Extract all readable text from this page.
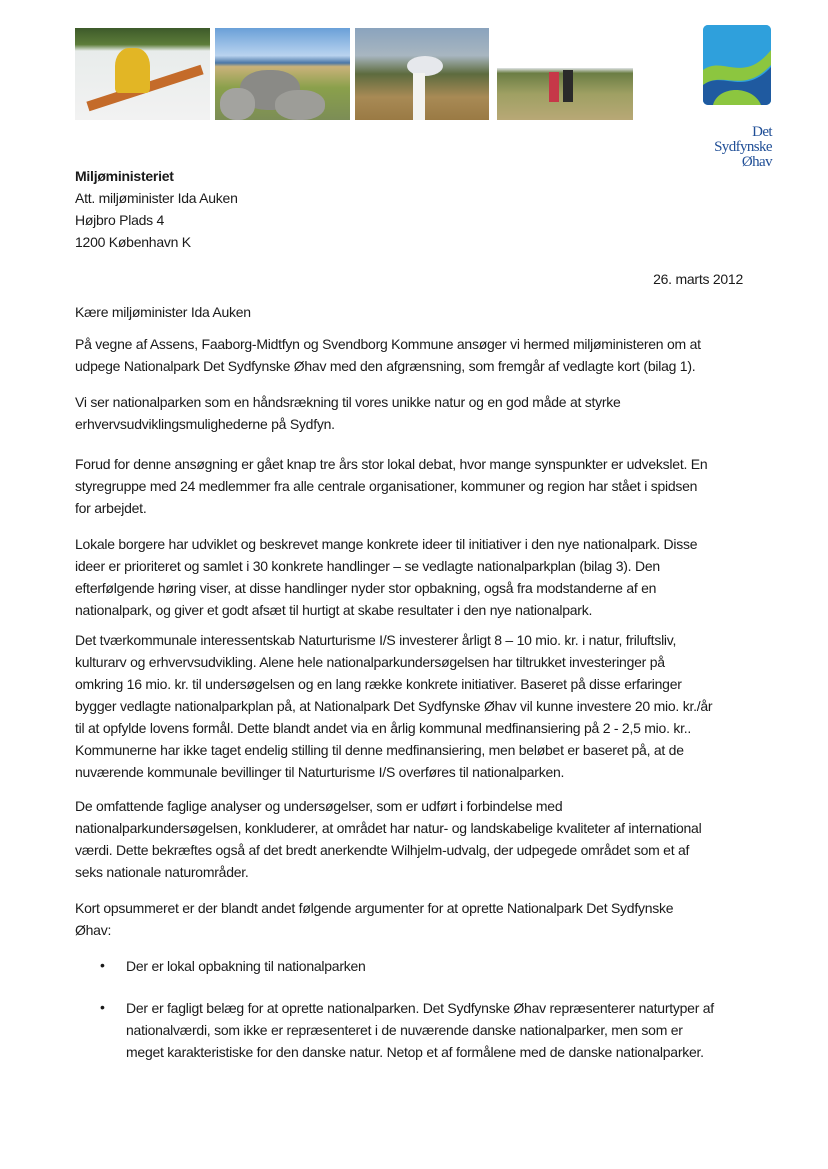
Det
Sydfynske
Øhav
Miljøministeriet
Att. miljøminister Ida Auken
Højbro Plads 4
1200 København K
26. marts 2012
Kære miljøminister Ida Auken
På vegne af Assens, Faaborg-Midtfyn og Svendborg Kommune ansøger vi hermed miljøministeren om at
udpege Nationalpark Det Sydfynske Øhav med den afgrænsning, som fremgår af vedlagte kort (bilag 1).
Vi ser nationalparken som en håndsrækning til vores unikke natur og en god måde at styrke
erhvervsudviklingsmulighederne på Sydfyn.
Forud for denne ansøgning er gået knap tre års stor lokal debat, hvor mange synspunkter er udvekslet. En
styregruppe med 24 medlemmer fra alle centrale organisationer, kommuner og region har stået i spidsen
for arbejdet.
Lokale borgere har udviklet og beskrevet mange konkrete ideer til initiativer i den nye nationalpark. Disse
ideer er prioriteret og samlet i 30 konkrete handlinger – se vedlagte nationalparkplan (bilag 3). Den
efterfølgende høring viser, at disse handlinger nyder stor opbakning, også fra modstanderne af en
nationalpark, og giver et godt afsæt til hurtigt at skabe resultater i den nye nationalpark.
Det tværkommunale interessentskab Naturturisme I/S investerer årligt 8 – 10 mio. kr. i natur, friluftsliv,
kulturarv og erhvervsudvikling. Alene hele nationalparkundersøgelsen har tiltrukket investeringer på
omkring 16 mio. kr. til undersøgelsen og en lang række konkrete initiativer. Baseret på disse erfaringer
bygger vedlagte nationalparkplan på, at Nationalpark Det Sydfynske Øhav vil kunne investere 20 mio. kr./år
til at opfylde lovens formål. Dette blandt andet via en årlig kommunal medfinansiering på 2 - 2,5 mio. kr..
Kommunerne har ikke taget endelig stilling til denne medfinansiering, men beløbet er baseret på, at de
nuværende kommunale bevillinger til Naturturisme I/S overføres til nationalparken.
De omfattende faglige analyser og undersøgelser, som er udført i forbindelse med
nationalparkundersøgelsen, konkluderer, at området har natur- og landskabelige kvaliteter af international
værdi. Dette bekræftes også af det bredt anerkendte Wilhjelm-udvalg, der udpegede området som et af
seks nationale naturområder.
Kort opsummeret er der blandt andet følgende argumenter for at oprette Nationalpark Det Sydfynske
Øhav:
• Der er lokal opbakning til nationalparken
• Der er fagligt belæg for at oprette nationalparken. Det Sydfynske Øhav repræsenterer naturtyper af
nationalværdi, som ikke er repræsenteret i de nuværende danske nationalparker, men som er
meget karakteristiske for den danske natur. Netop et af formålene med de danske nationalparker.
